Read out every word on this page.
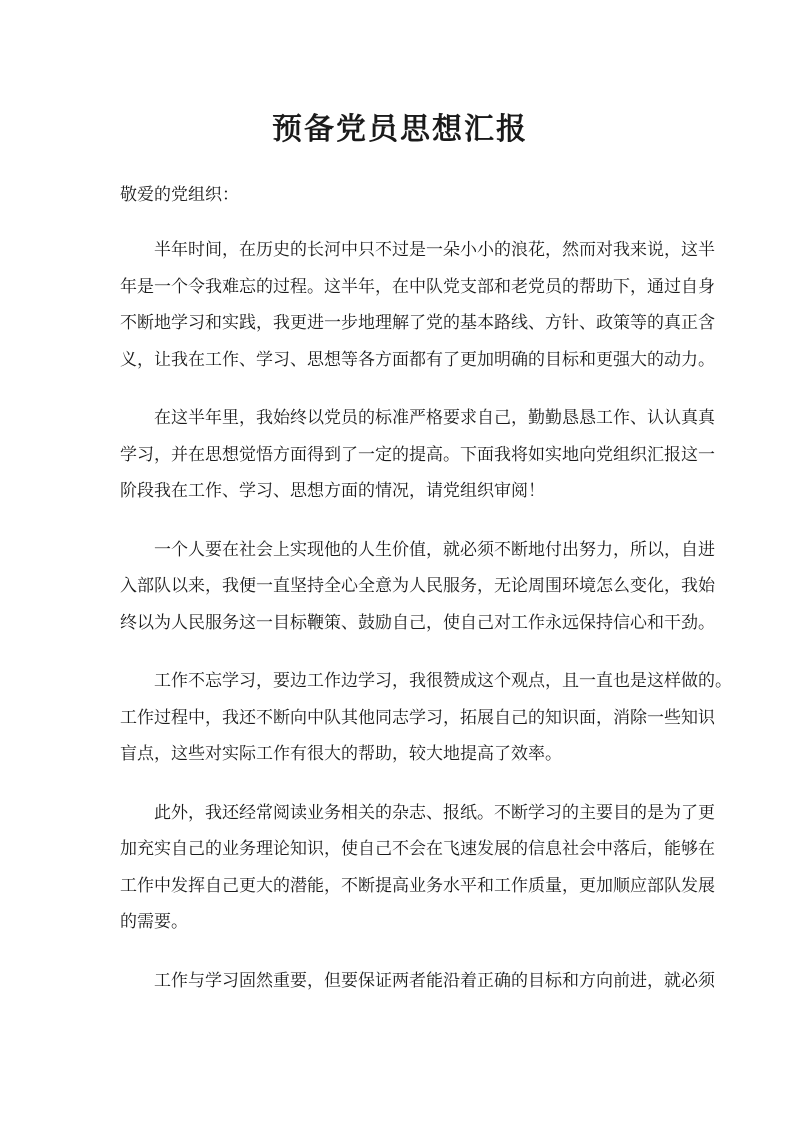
预备党员思想汇报

敬爱的党组织：

半年时间，在历史的长河中只不过是一朵小小的浪花，然而对我来说，这半
年是一个令我难忘的过程。这半年，在中队党支部和老党员的帮助下，通过自身
不断地学习和实践，我更进一步地理解了党的基本路线、方针、政策等的真正含
义，让我在工作、学习、思想等各方面都有了更加明确的目标和更强大的动力。

在这半年里，我始终以党员的标准严格要求自己，勤勤恳恳工作、认认真真
学习，并在思想觉悟方面得到了一定的提高。下面我将如实地向党组织汇报这一
阶段我在工作、学习、思想方面的情况，请党组织审阅！

一个人要在社会上实现他的人生价值，就必须不断地付出努力，所以，自进
入部队以来，我便一直坚持全心全意为人民服务，无论周围环境怎么变化，我始
终以为人民服务这一目标鞭策、鼓励自己，使自己对工作永远保持信心和干劲。

工作不忘学习，要边工作边学习，我很赞成这个观点，且一直也是这样做的。
工作过程中，我还不断向中队其他同志学习，拓展自己的知识面，消除一些知识
盲点，这些对实际工作有很大的帮助，较大地提高了效率。

此外，我还经常阅读业务相关的杂志、报纸。不断学习的主要目的是为了更
加充实自己的业务理论知识，使自己不会在飞速发展的信息社会中落后，能够在
工作中发挥自己更大的潜能，不断提高业务水平和工作质量，更加顺应部队发展
的需要。

工作与学习固然重要，但要保证两者能沿着正确的目标和方向前进，就必须
